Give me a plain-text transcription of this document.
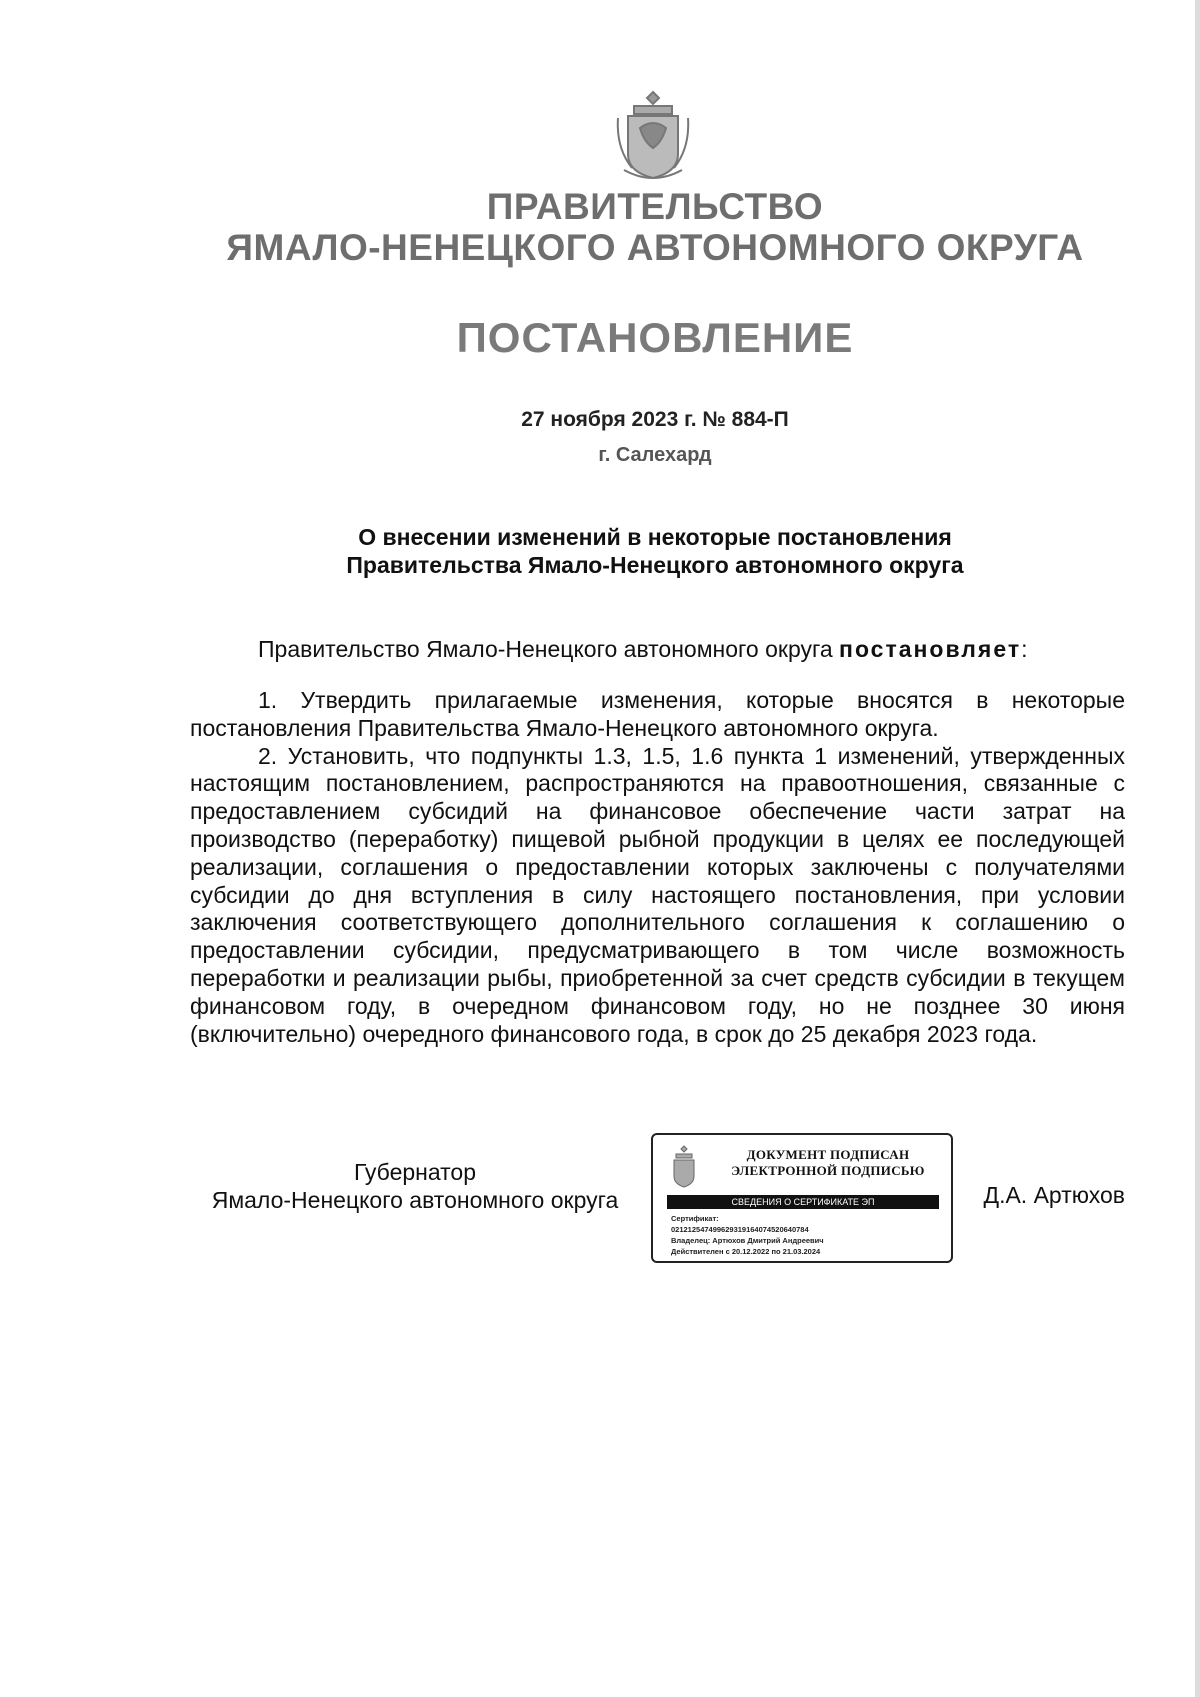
ПРАВИТЕЛЬСТВО
ЯМАЛО-НЕНЕЦКОГО АВТОНОМНОГО ОКРУГА
ПОСТАНОВЛЕНИЕ
27 ноября 2023 г. № 884-П
г. Салехард
О внесении изменений в некоторые постановления
Правительства Ямало-Ненецкого автономного округа
Правительство Ямало-Ненецкого автономного округа постановляет:

1. Утвердить прилагаемые изменения, которые вносятся в некоторые постановления Правительства Ямало-Ненецкого автономного округа.

2. Установить, что подпункты 1.3, 1.5, 1.6 пункта 1 изменений, утвержденных настоящим постановлением, распространяются на правоотношения, связанные с предоставлением субсидий на финансовое обеспечение части затрат на производство (переработку) пищевой рыбной продукции в целях ее последующей реализации, соглашения о предоставлении которых заключены с получателями субсидии до дня вступления в силу настоящего постановления, при условии заключения соответствующего дополнительного соглашения к соглашению о предоставлении субсидии, предусматривающего в том числе возможность переработки и реализации рыбы, приобретенной за счет средств субсидии в текущем финансовом году, в очередном финансовом году, но не позднее 30 июня (включительно) очередного финансового года, в срок до 25 декабря 2023 года.

Губернатор
Ямало-Ненецкого автономного округа
ДОКУМЕНТ ПОДПИСАН
ЭЛЕКТРОННОЙ ПОДПИСЬЮ
СВЕДЕНИЯ О СЕРТИФИКАТЕ ЭП
Сертификат:
021212547499629319164074520640784
Владелец: Артюхов Дмитрий Андреевич
Действителен с 20.12.2022 по 21.03.2024
Д.А. Артюхов
